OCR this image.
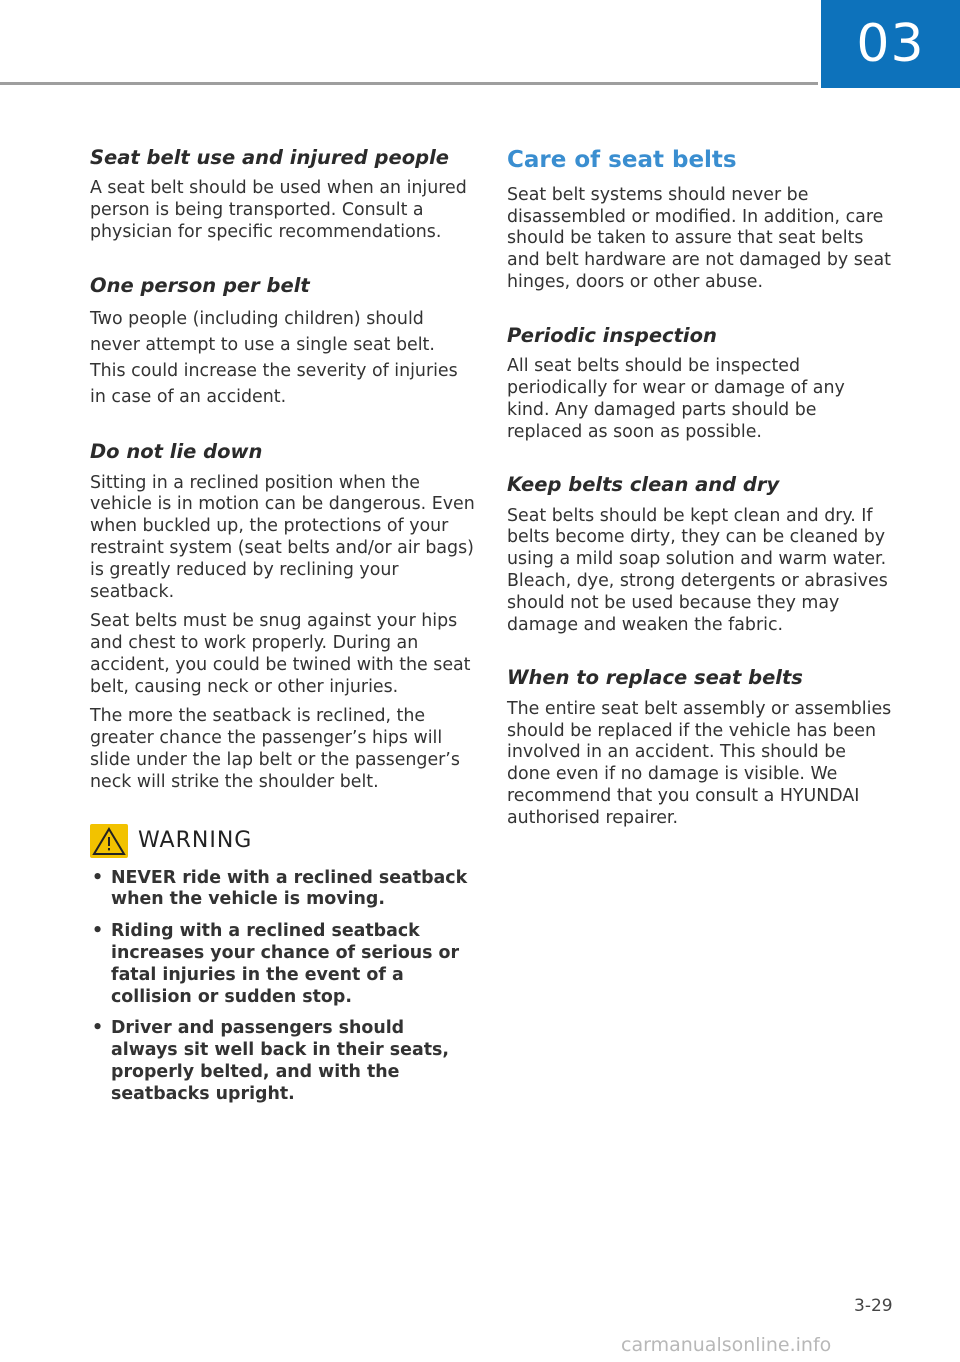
03
Seat belt use and injured people

A seat belt should be used when an injured person is being transported. Consult a physician for specific recommendations.

One person per belt

Two people (including children) should never attempt to use a single seat belt. This could increase the severity of injuries in case of an accident.

Do not lie down

Sitting in a reclined position when the vehicle is in motion can be dangerous. Even when buckled up, the protections of your restraint system (seat belts and/or air bags) is greatly reduced by reclining your seatback.

Seat belts must be snug against your hips and chest to work properly. During an accident, you could be twined with the seat belt, causing neck or other injuries.

The more the seatback is reclined, the greater chance the passenger’s hips will slide under the lap belt or the passenger’s neck will strike the shoulder belt.

WARNING
• NEVER ride with a reclined seatback when the vehicle is moving.
• Riding with a reclined seatback increases your chance of serious or fatal injuries in the event of a collision or sudden stop.
• Driver and passengers should always sit well back in their seats, properly belted, and with the seatbacks upright.
Care of seat belts

Seat belt systems should never be disassembled or modified. In addition, care should be taken to assure that seat belts and belt hardware are not damaged by seat hinges, doors or other abuse.

Periodic inspection

All seat belts should be inspected periodically for wear or damage of any kind. Any damaged parts should be replaced as soon as possible.

Keep belts clean and dry

Seat belts should be kept clean and dry. If belts become dirty, they can be cleaned by using a mild soap solution and warm water. Bleach, dye, strong detergents or abrasives should not be used because they may damage and weaken the fabric.

When to replace seat belts

The entire seat belt assembly or assemblies should be replaced if the vehicle has been involved in an accident. This should be done even if no damage is visible. We recommend that you consult a HYUNDAI authorised repairer.

3-29
carmanualsonline.info
